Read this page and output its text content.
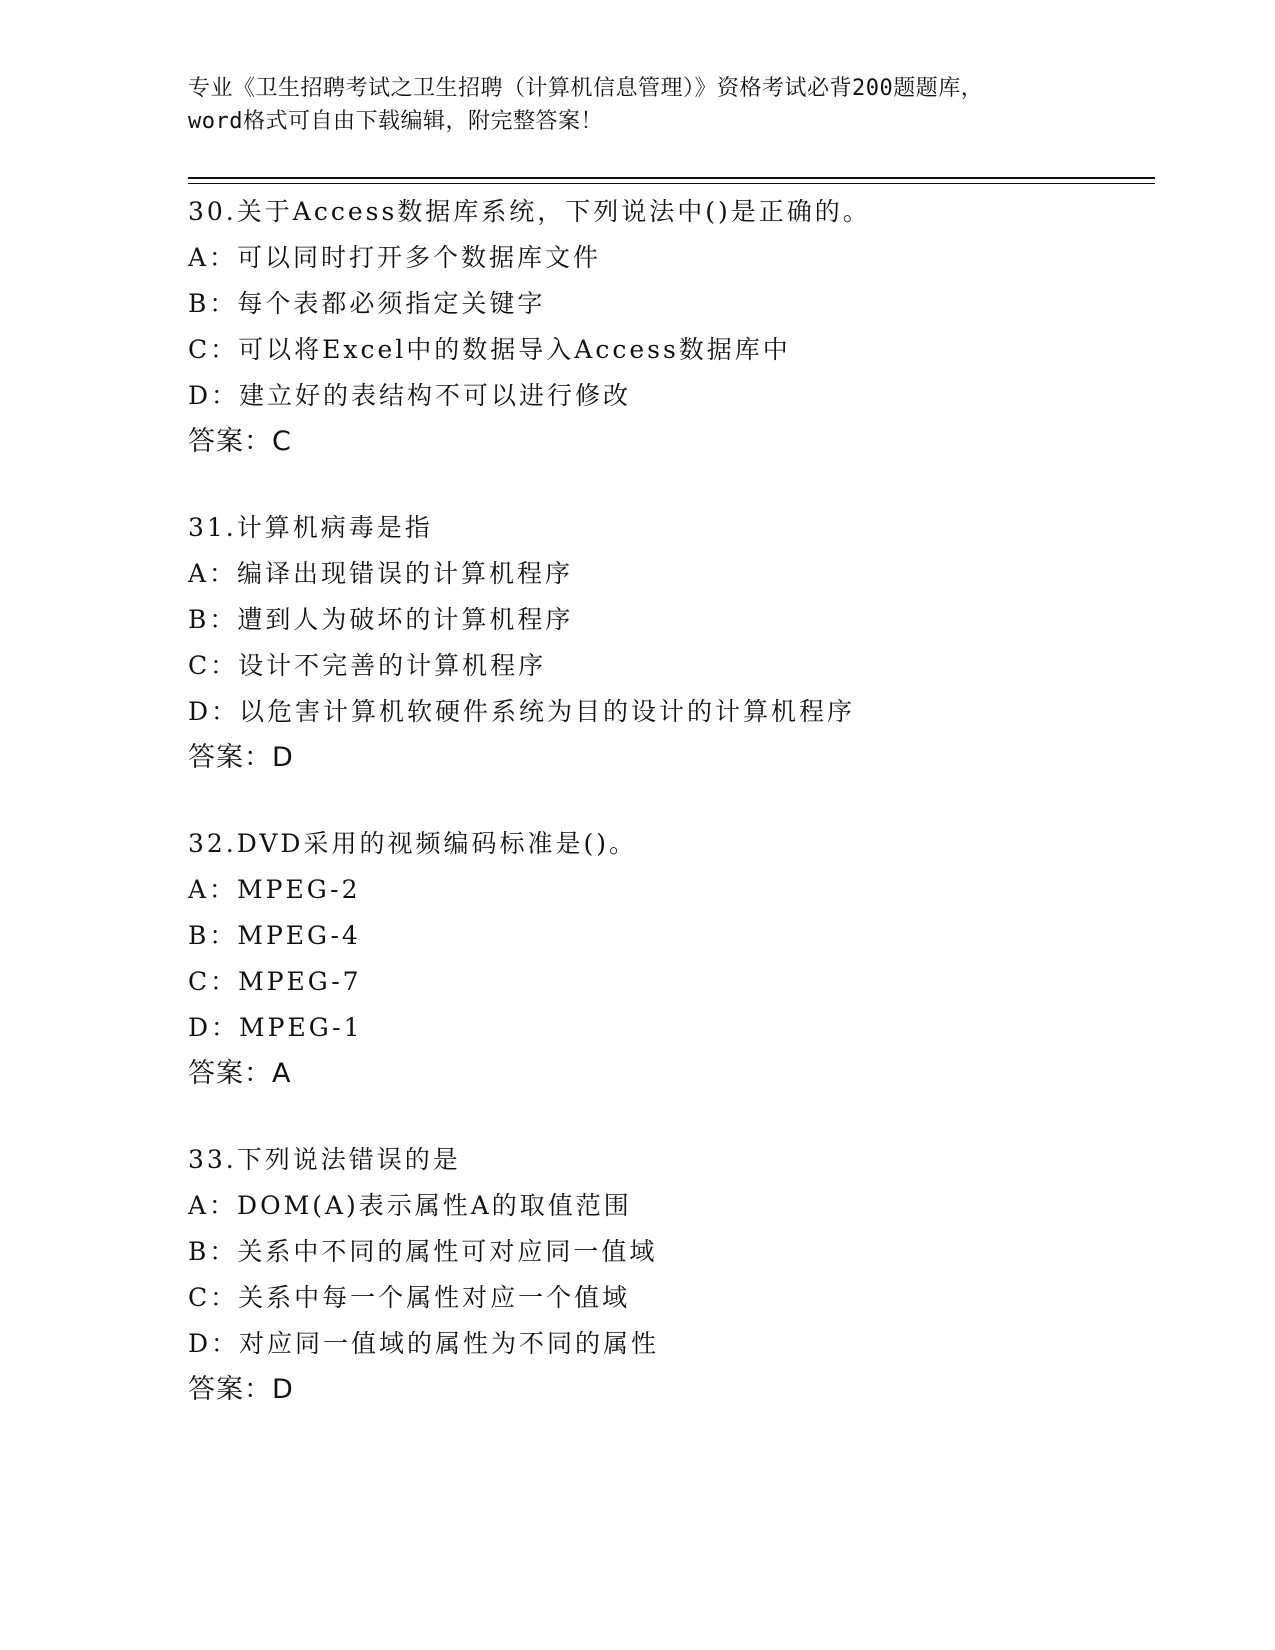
专业《卫生招聘考试之卫生招聘（计算机信息管理）》资格考试必背200题题库，
word格式可自由下载编辑，附完整答案！
30.关于Access数据库系统，下列说法中()是正确的。
A：可以同时打开多个数据库文件
B：每个表都必须指定关键字
C：可以将Excel中的数据导入Access数据库中
D：建立好的表结构不可以进行修改
答案：C
31.计算机病毒是指
A：编译出现错误的计算机程序
B：遭到人为破坏的计算机程序
C：设计不完善的计算机程序
D：以危害计算机软硬件系统为目的设计的计算机程序
答案：D
32.DVD采用的视频编码标准是()。
A：MPEG-2
B：MPEG-4
C：MPEG-7
D：MPEG-1
答案：A
33.下列说法错误的是
A：DOM(A)表示属性A的取值范围
B：关系中不同的属性可对应同一值域
C：关系中每一个属性对应一个值域
D：对应同一值域的属性为不同的属性
答案：D
